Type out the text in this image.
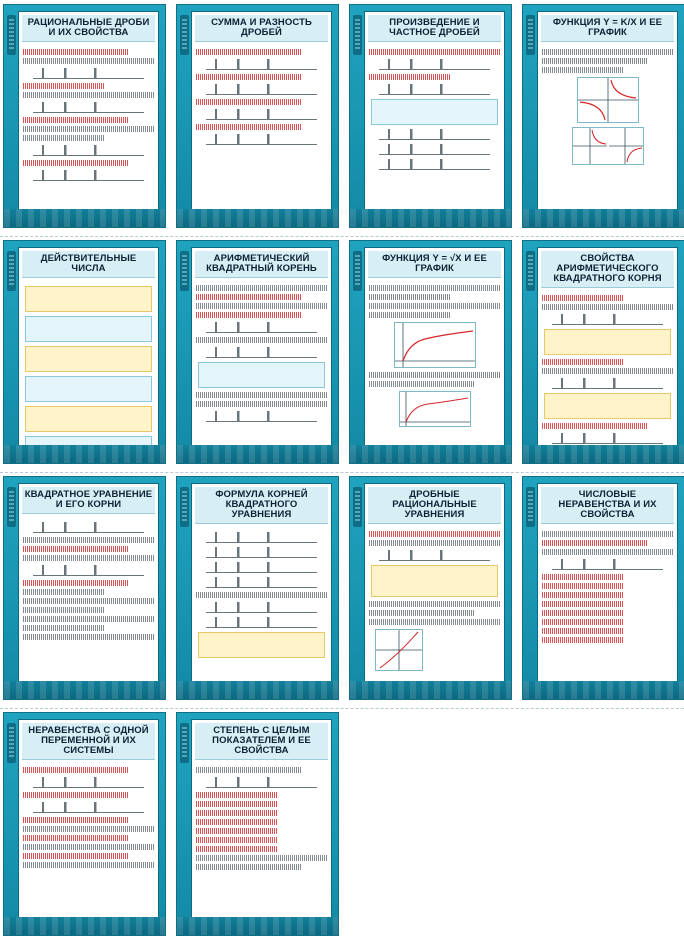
РАЦИОНАЛЬНЫЕ ДРОБИ И ИХ СВОЙСТВА
СУММА И РАЗНОСТЬ ДРОБЕЙ
ПРОИЗВЕДЕНИЕ И ЧАСТНОЕ ДРОБЕЙ
ФУНКЦИЯ Y = K/X И ЕЕ ГРАФИК
ДЕЙСТВИТЕЛЬНЫЕ ЧИСЛА
АРИФМЕТИЧЕСКИЙ КВАДРАТНЫЙ КОРЕНЬ
ФУНКЦИЯ Y = √X И ЕЕ ГРАФИК
СВОЙСТВА АРИФМЕТИЧЕСКОГО КВАДРАТНОГО КОРНЯ
КВАДРАТНОЕ УРАВНЕНИЕ И ЕГО КОРНИ
ФОРМУЛА КОРНЕЙ КВАДРАТНОГО УРАВНЕНИЯ
ДРОБНЫЕ РАЦИОНАЛЬНЫЕ УРАВНЕНИЯ
ЧИСЛОВЫЕ НЕРАВЕНСТВА И ИХ СВОЙСТВА
НЕРАВЕНСТВА С ОДНОЙ ПЕРЕМЕННОЙ И ИХ СИСТЕМЫ
СТЕПЕНЬ С ЦЕЛЫМ ПОКАЗАТЕЛЕМ И ЕЕ СВОЙСТВА
